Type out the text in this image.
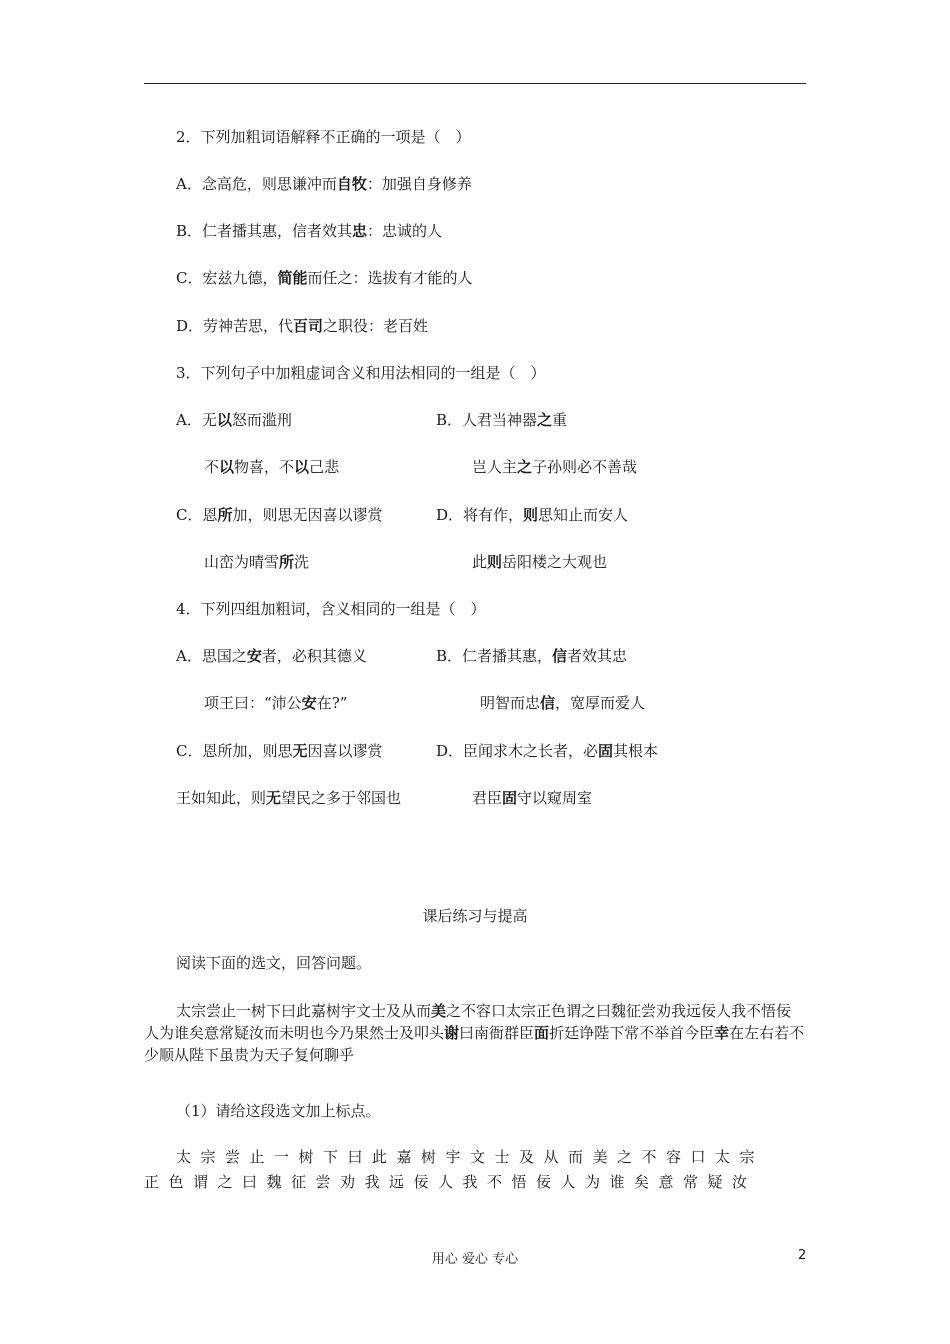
2．下列加粗词语解释不正确的一项是（　）
A．念高危，则思谦冲而自牧：加强自身修养
B．仁者播其惠，信者效其忠：忠诚的人
C．宏兹九德，简能而任之：选拔有才能的人
D．劳神苦思，代百司之职役：老百姓
3．下列句子中加粗虚词含义和用法相同的一组是（　）
A．无以怒而滥刑	B．人君当神器之重
不以物喜，不以己悲	岂人主之子孙则必不善哉
C．恩所加，则思无因喜以谬赏	D．将有作，则思知止而安人
山峦为晴雪所洗	此则岳阳楼之大观也
4．下列四组加粗词，含义相同的一组是（　）
A．思国之安者，必积其德义	B．仁者播其惠，信者效其忠
项王曰：“沛公安在?”	明智而忠信，宽厚而爱人
C．恩所加，则思无因喜以谬赏	D．臣闻求木之长者，必固其根本
王如知此，则无望民之多于邻国也	君臣固守以窥周室
课后练习与提高
阅读下面的选文，回答问题。
太宗尝止一树下曰此嘉树宇文士及从而美之不容口太宗正色谓之曰魏征尝劝我远佞人我不悟佞人为谁矣意常疑汝而未明也今乃果然士及叩头谢曰南衙群臣面折廷诤陛下常不举首今臣幸在左右若不少顺从陛下虽贵为天子复何聊乎
（1）请给这段选文加上标点。
太宗尝止一树下曰此嘉树宇文士及从而美之不容口太宗
正色谓之曰魏征尝劝我远佞人我不悟佞人为谁矣意常疑汝
用心 爱心 专心	2
